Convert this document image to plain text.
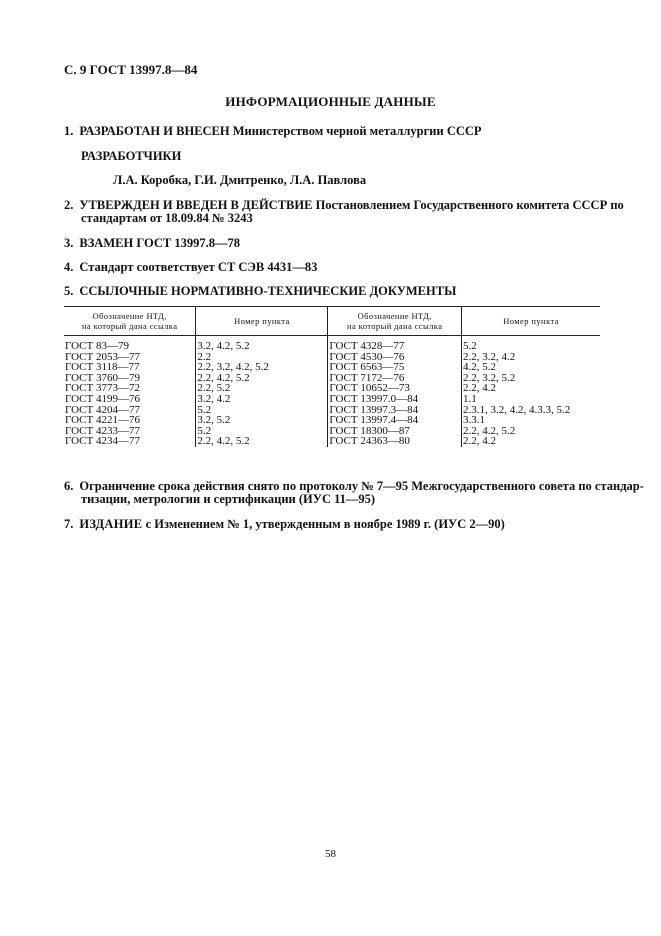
С. 9 ГОСТ 13997.8—84
ИНФОРМАЦИОННЫЕ ДАННЫЕ
1. РАЗРАБОТАН И ВНЕСЕН Министерством черной металлургии СССР
РАЗРАБОТЧИКИ
Л.А. Коробка, Г.И. Дмитренко, Л.А. Павлова
2. УТВЕРЖДЕН И ВВЕДЕН В ДЕЙСТВИЕ Постановлением Государственного комитета СССР по
стандартам от 18.09.84 № 3243
3. ВЗАМЕН ГОСТ 13997.8—78
4. Стандарт соответствует СТ СЭВ 4431—83
5. ССЫЛОЧНЫЕ НОРМАТИВНО-ТЕХНИЧЕСКИЕ ДОКУМЕНТЫ
Обозначение НТД,
на который дана ссылка	Номер пункта	Обозначение НТД,
на который дана ссылка	Номер пункта
ГОСТ 83—79	3.2, 4.2, 5.2	ГОСТ 4328—77	5.2
ГОСТ 2053—77	2.2	ГОСТ 4530—76	2.2, 3.2, 4.2
ГОСТ 3118—77	2.2, 3.2, 4.2, 5.2	ГОСТ 6563—75	4.2, 5.2
ГОСТ 3760—79	2.2, 4.2, 5.2	ГОСТ 7172—76	2.2, 3.2, 5.2
ГОСТ 3773—72	2.2, 5.2	ГОСТ 10652—73	2.2, 4.2
ГОСТ 4199—76	3.2, 4.2	ГОСТ 13997.0—84	1.1
ГОСТ 4204—77	5.2	ГОСТ 13997.3—84	2.3.1, 3.2, 4.2, 4.3.3, 5.2
ГОСТ 4221—76	3.2, 5.2	ГОСТ 13997.4—84	3.3.1
ГОСТ 4233—77	5.2	ГОСТ 18300—87	2.2, 4.2, 5.2
ГОСТ 4234—77	2.2, 4.2, 5.2	ГОСТ 24363—80	2.2, 4.2
6. Ограничение срока действия снято по протоколу № 7—95 Межгосударственного совета по стандар-
тизации, метрологии и сертификации (ИУС 11—95)
7. ИЗДАНИЕ с Изменением № 1, утвержденным в ноябре 1989 г. (ИУС 2—90)
58
